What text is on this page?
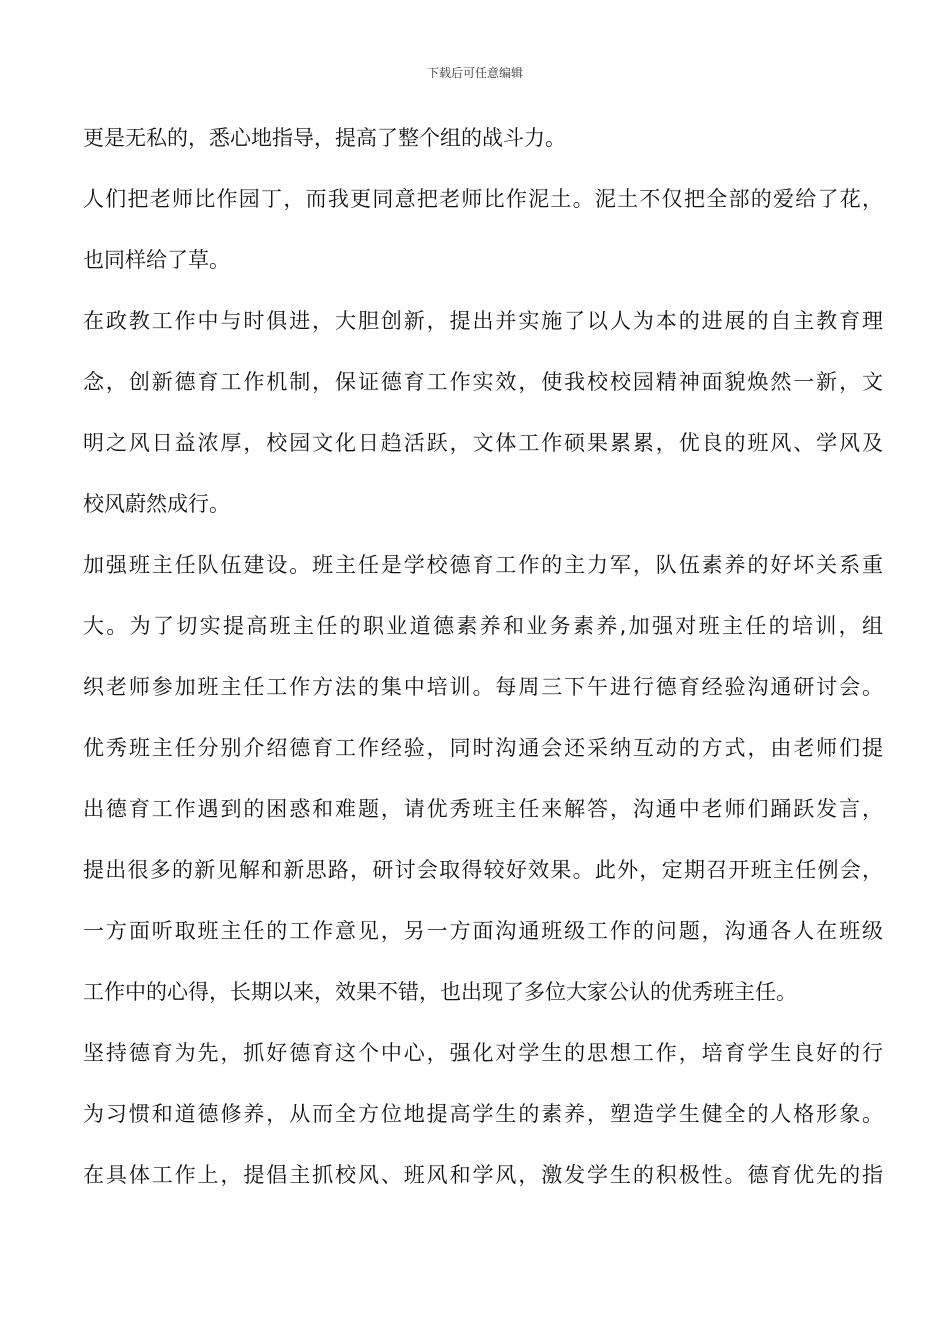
下载后可任意编辑
更是无私的，悉心地指导，提高了整个组的战斗力。
人们把老师比作园丁，而我更同意把老师比作泥土。泥土不仅把全部的爱给了花，
也同样给了草。
在政教工作中与时俱进，大胆创新，提出并实施了以人为本的进展的自主教育理
念，创新德育工作机制，保证德育工作实效，使我校校园精神面貌焕然一新，文
明之风日益浓厚，校园文化日趋活跃，文体工作硕果累累，优良的班风、学风及
校风蔚然成行。
加强班主任队伍建设。班主任是学校德育工作的主力军，队伍素养的好坏关系重
大。为了切实提高班主任的职业道德素养和业务素养,加强对班主任的培训，组
织老师参加班主任工作方法的集中培训。每周三下午进行德育经验沟通研讨会。
优秀班主任分别介绍德育工作经验，同时沟通会还采纳互动的方式，由老师们提
出德育工作遇到的困惑和难题，请优秀班主任来解答，沟通中老师们踊跃发言，
提出很多的新见解和新思路，研讨会取得较好效果。此外，定期召开班主任例会，
一方面听取班主任的工作意见，另一方面沟通班级工作的问题，沟通各人在班级
工作中的心得，长期以来，效果不错，也出现了多位大家公认的优秀班主任。
坚持德育为先，抓好德育这个中心，强化对学生的思想工作，培育学生良好的行
为习惯和道德修养，从而全方位地提高学生的素养，塑造学生健全的人格形象。
在具体工作上，提倡主抓校风、班风和学风，激发学生的积极性。德育优先的指
